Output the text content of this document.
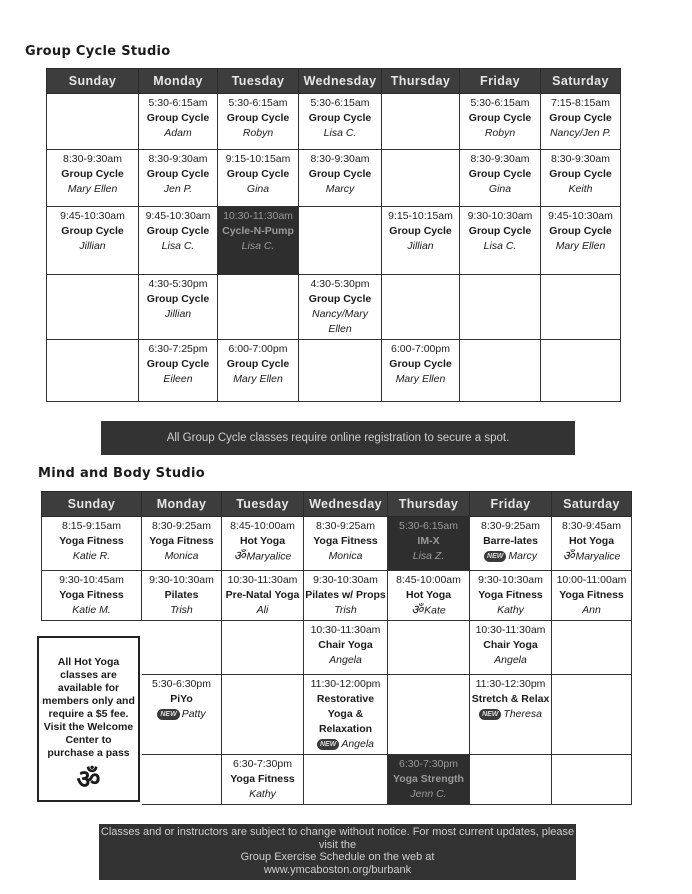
Group Cycle Studio
Sunday	Monday	Tuesday	Wednesday	Thursday	Friday	Saturday

	5:30-6:15am
Group Cycle
Adam	5:30-6:15am
Group Cycle
Robyn	5:30-6:15am
Group Cycle
Lisa C.		5:30-6:15am
Group Cycle
Robyn	7:15-8:15am
Group Cycle
Nancy/Jen P.

8:30-9:30am
Group Cycle
Mary Ellen	8:30-9:30am
Group Cycle
Jen P.	9:15-10:15am
Group Cycle
Gina	8:30-9:30am
Group Cycle
Marcy		8:30-9:30am
Group Cycle
Gina	8:30-9:30am
Group Cycle
Keith

9:45-10:30am
Group Cycle
Jillian	9:45-10:30am
Group Cycle
Lisa C.	10:30-11:30am
Cycle-N-Pump
Lisa C.		9:15-10:15am
Group Cycle
Jillian	9:30-10:30am
Group Cycle
Lisa C.	9:45-10:30am
Group Cycle
Mary Ellen

	4:30-5:30pm
Group Cycle
Jillian		4:30-5:30pm
Group Cycle
Nancy/Mary Ellen			

	6:30-7:25pm
Group Cycle
Eileen	6:00-7:00pm
Group Cycle
Mary Ellen		6:00-7:00pm
Group Cycle
Mary Ellen		

All Group Cycle classes require online registration to secure a spot.
Mind and Body Studio
Sunday	Monday	Tuesday	Wednesday	Thursday	Friday	Saturday

8:15-9:15am
Yoga Fitness
Katie R.	8:30-9:25am
Yoga Fitness
Monica	8:45-10:00am
Hot Yoga
ॐMaryalice	8:30-9:25am
Yoga Fitness
Monica	5:30-6:15am
IM-X
Lisa Z.	8:30-9:25am
Barre-lates
NEW Marcy	8:30-9:45am
Hot Yoga
ॐMaryalice

9:30-10:45am
Yoga Fitness
Katie M.	9:30-10:30am
Pilates
Trish	10:30-11:30am
Pre-Natal Yoga
Ali	9:30-10:30am
Pilates w/ Props
Trish	8:45-10:00am
Hot Yoga
ॐKate	9:30-10:30am
Yoga Fitness
Kathy	10:00-11:00am
Yoga Fitness
Ann

			10:30-11:30am
Chair Yoga
Angela		10:30-11:30am
Chair Yoga
Angela	

	5:30-6:30pm
PiYo
NEW Patty		11:30-12:00pm
Restorative Yoga & Relaxation
NEW Angela		11:30-12:30pm
Stretch & Relax
NEW Theresa	

		6:30-7:30pm
Yoga Fitness
Kathy		6:30-7:30pm
Yoga Strength
Jenn C.		

All Hot Yoga classes are available for members only and require a $5 fee. Visit the Welcome Center to purchase a pass
ॐ
Classes and or instructors are subject to change without notice. For most current updates, please visit the
Group Exercise Schedule on the web at
www.ymcaboston.org/burbank
